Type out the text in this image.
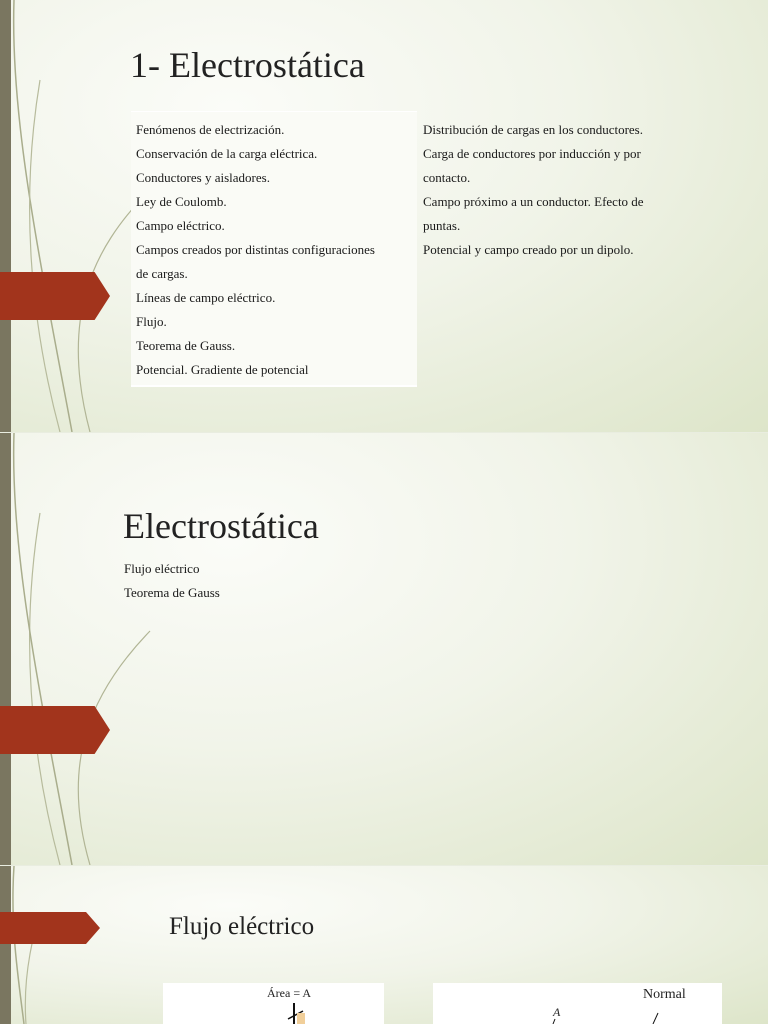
1- Electrostática
Fenómenos de electrización.
Conservación de la carga eléctrica.
Conductores y aisladores.
Ley de Coulomb.
Campo eléctrico.
Campos creados por distintas configuraciones
de cargas.
Líneas de campo eléctrico.
Flujo.
Teorema de Gauss.
Potencial. Gradiente de potencial
Distribución de cargas en los conductores.
Carga de conductores por inducción y por
contacto.
Campo próximo a un conductor. Efecto de
puntas.
Potencial y campo creado por un dipolo.
Electrostática
Flujo eléctrico
Teorema de Gauss
Flujo eléctrico
Área = A	Normal
A
